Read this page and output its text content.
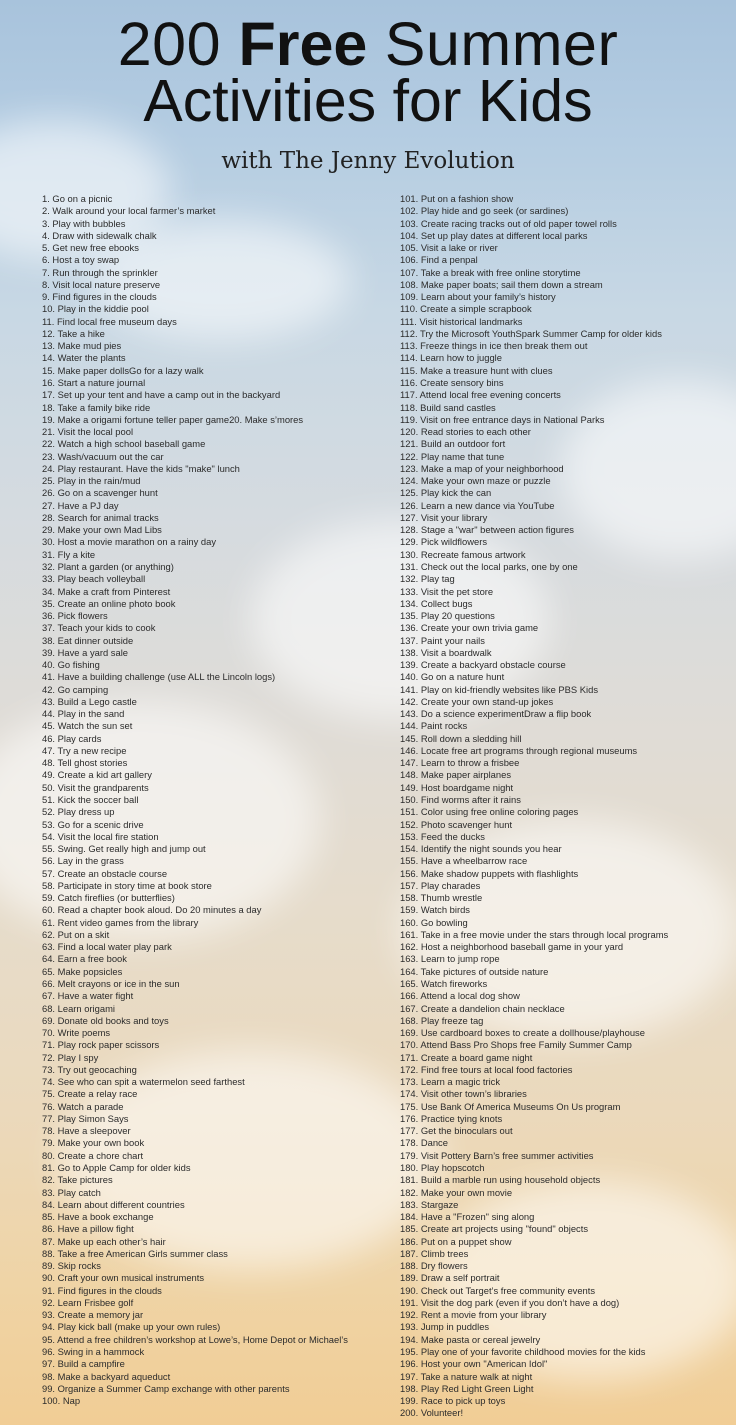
200 Free Summer
Activities for Kids
with The Jenny Evolution
1. Go on a picnic
2. Walk around your local farmer’s market
3. Play with bubbles
4. Draw with sidewalk chalk
5. Get new free ebooks
6. Host a toy swap
7. Run through the sprinkler
8. Visit local nature preserve
9. Find figures in the clouds
10. Play in the kiddie pool
11. Find local free museum days
12. Take a hike
13. Make mud pies
14. Water the plants
15. Make paper dollsGo for a lazy walk
16. Start a nature journal
17. Set up your tent and have a camp out in the backyard
18. Take a family bike ride
19. Make a origami fortune teller paper game20. Make s’mores
21. Visit the local pool
22. Watch a high school baseball game
23. Wash/vacuum out the car
24. Play restaurant. Have the kids "make" lunch
25. Play in the rain/mud
26. Go on a scavenger hunt
27. Have a PJ day
28. Search for animal tracks
29. Make your own Mad Libs
30. Host a movie marathon on a rainy day
31. Fly a kite
32. Plant a garden (or anything)
33. Play beach volleyball
34. Make a craft from Pinterest
35. Create an online photo book
36. Pick flowers
37. Teach your kids to cook
38. Eat dinner outside
39. Have a yard sale
40. Go fishing
41. Have a building challenge (use ALL the Lincoln logs)
42. Go camping
43. Build a Lego castle
44. Play in the sand
45. Watch the sun set
46. Play cards
47. Try a new recipe
48. Tell ghost stories
49. Create a kid art gallery
50. Visit the grandparents
51. Kick the soccer ball
52. Play dress up
53. Go for a scenic drive
54. Visit the local fire station
55. Swing. Get really high and jump out
56. Lay in the grass
57. Create an obstacle course
58. Participate in story time at book store
59. Catch fireflies (or butterflies)
60. Read a chapter book aloud. Do 20 minutes a day
61. Rent video games from the library
62. Put on a skit
63. Find a local water play park
64. Earn a free book
65. Make popsicles
66. Melt crayons or ice in the sun
67. Have a water fight
68. Learn origami
69. Donate old books and toys
70. Write poems
71. Play rock paper scissors
72. Play I spy
73. Try out geocaching
74. See who can spit a watermelon seed farthest
75. Create a relay race
76. Watch a parade
77. Play Simon Says
78. Have a sleepover
79. Make your own book
80. Create a chore chart
81. Go to Apple Camp for older kids
82. Take pictures
83. Play catch
84. Learn about different countries
85. Have a book exchange
86. Have a pillow fight
87. Make up each other’s hair
88. Take a free American Girls summer class
89. Skip rocks
90. Craft your own musical instruments
91. Find figures in the clouds
92. Learn Frisbee golf
93. Create a memory jar
94. Play kick ball (make up your own rules)
95. Attend a free children’s workshop at Lowe’s, Home Depot or Michael’s
96. Swing in a hammock
97. Build a campfire
98. Make a backyard aqueduct
99. Organize a Summer Camp exchange with other parents
100. Nap
101. Put on a fashion show
102. Play hide and go seek (or sardines)
103. Create racing tracks out of old paper towel rolls
104. Set up play dates at different local parks
105. Visit a lake or river
106. Find a penpal
107. Take a break with free online storytime
108. Make paper boats; sail them down a stream
109. Learn about your family’s history
110. Create a simple scrapbook
111. Visit historical landmarks
112. Try the Microsoft YouthSpark Summer Camp for older kids
113. Freeze things in ice then break them out
114. Learn how to juggle
115. Make a treasure hunt with clues
116. Create sensory bins
117. Attend local free evening concerts
118. Build sand castles
119. Visit on free entrance days in National Parks
120. Read stories to each other
121. Build an outdoor fort
122. Play name that tune
123. Make a map of your neighborhood
124. Make your own maze or puzzle
125. Play kick the can
126. Learn a new dance via YouTube
127. Visit your library
128. Stage a "war" between action figures
129. Pick wildflowers
130. Recreate famous artwork
131. Check out the local parks, one by one
132. Play tag
133. Visit the pet store
134. Collect bugs
135. Play 20 questions
136. Create your own trivia game
137. Paint your nails
138. Visit a boardwalk
139. Create a backyard obstacle course
140. Go on a nature hunt
141. Play on kid-friendly websites like PBS Kids
142. Create your own stand-up jokes
143. Do a science experimentDraw a flip book
144. Paint rocks
145. Roll down a sledding hill
146. Locate free art programs through regional museums
147. Learn to throw a frisbee
148. Make paper airplanes
149. Host boardgame night
150. Find worms after it rains
151. Color using free online coloring pages
152. Photo scavenger hunt
153. Feed the ducks
154. Identify the night sounds you hear
155. Have a wheelbarrow race
156. Make shadow puppets with flashlights
157. Play charades
158. Thumb wrestle
159. Watch birds
160. Go bowling
161. Take in a free movie under the stars through local programs
162. Host a neighborhood baseball game in your yard
163. Learn to jump rope
164. Take pictures of outside nature
165. Watch fireworks
166. Attend a local dog show
167. Create a dandelion chain necklace
168. Play freeze tag
169. Use cardboard boxes to create a dollhouse/playhouse
170. Attend Bass Pro Shops free Family Summer Camp
171. Create a board game night
172. Find free tours at local food factories
173. Learn a magic trick
174. Visit other town’s libraries
175. Use Bank Of America Museums On Us program
176. Practice tying knots
177. Get the binoculars out
178. Dance
179. Visit Pottery Barn’s free summer activities
180. Play hopscotch
181. Build a marble run using household objects
182. Make your own movie
183. Stargaze
184. Have a "Frozen" sing along
185. Create art projects using "found" objects
186. Put on a puppet show
187. Climb trees
188. Dry flowers
189. Draw a self portrait
190. Check out Target’s free community events
191. Visit the dog park (even if you don’t have a dog)
192. Rent a movie from your library
193. Jump in puddles
194. Make pasta or cereal jewelry
195. Play one of your favorite childhood movies for the kids
196. Host your own "American Idol"
197. Take a nature walk at night
198. Play Red Light Green Light
199. Race to pick up toys
200. Volunteer!
